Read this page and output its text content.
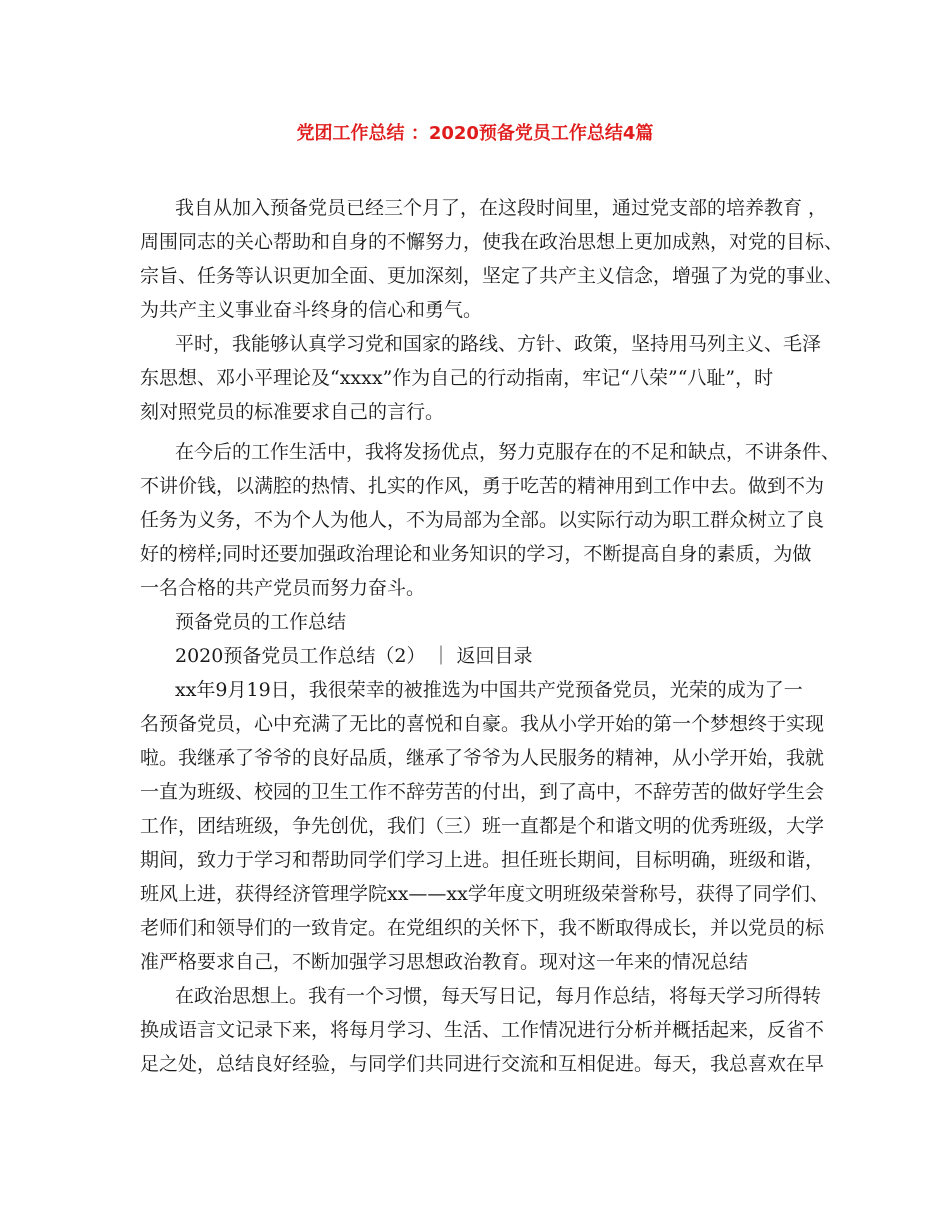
党团工作总结 ：2020预备党员工作总结4篇
我自从加入预备党员已经三个月了，在这段时间里，通过党支部的培养教育 ，
周围同志的关心帮助和自身的不懈努力，使我在政治思想上更加成熟，对党的目标、
宗旨、任务等认识更加全面、更加深刻，坚定了共产主义信念，增强了为党的事业、
为共产主义事业奋斗终身的信心和勇气。
平时，我能够认真学习党和国家的路线、方针、政策，坚持用马列主义、毛泽
东思想、邓小平理论及“xxxx”作为自己的行动指南，牢记“八荣”“八耻”，时
刻对照党员的标准要求自己的言行。
在今后的工作生活中，我将发扬优点，努力克服存在的不足和缺点，不讲条件、
不讲价钱，以满腔的热情、扎实的作风，勇于吃苦的精神用到工作中去。做到不为
任务为义务，不为个人为他人，不为局部为全部。以实际行动为职工群众树立了良
好的榜样;同时还要加强政治理论和业务知识的学习，不断提高自身的素质，为做
一名合格的共产党员而努力奋斗。
预备党员的工作总结
2020预备党员工作总结（2） ｜ 返回目录
xx年9月19日，我很荣幸的被推选为中国共产党预备党员，光荣的成为了一
名预备党员，心中充满了无比的喜悦和自豪。我从小学开始的第一个梦想终于实现
啦。我继承了爷爷的良好品质，继承了爷爷为人民服务的精神，从小学开始，我就
一直为班级、校园的卫生工作不辞劳苦的付出，到了高中，不辞劳苦的做好学生会
工作，团结班级，争先创优，我们（三）班一直都是个和谐文明的优秀班级，大学
期间，致力于学习和帮助同学们学习上进。担任班长期间，目标明确，班级和谐，
班风上进，获得经济管理学院xx——xx学年度文明班级荣誉称号，获得了同学们、
老师们和领导们的一致肯定。在党组织的关怀下，我不断取得成长，并以党员的标
准严格要求自己，不断加强学习思想政治教育。现对这一年来的情况总结
在政治思想上。我有一个习惯，每天写日记，每月作总结，将每天学习所得转
换成语言文记录下来，将每月学习、生活、工作情况进行分析并概括起来，反省不
足之处，总结良好经验，与同学们共同进行交流和互相促进。每天，我总喜欢在早
